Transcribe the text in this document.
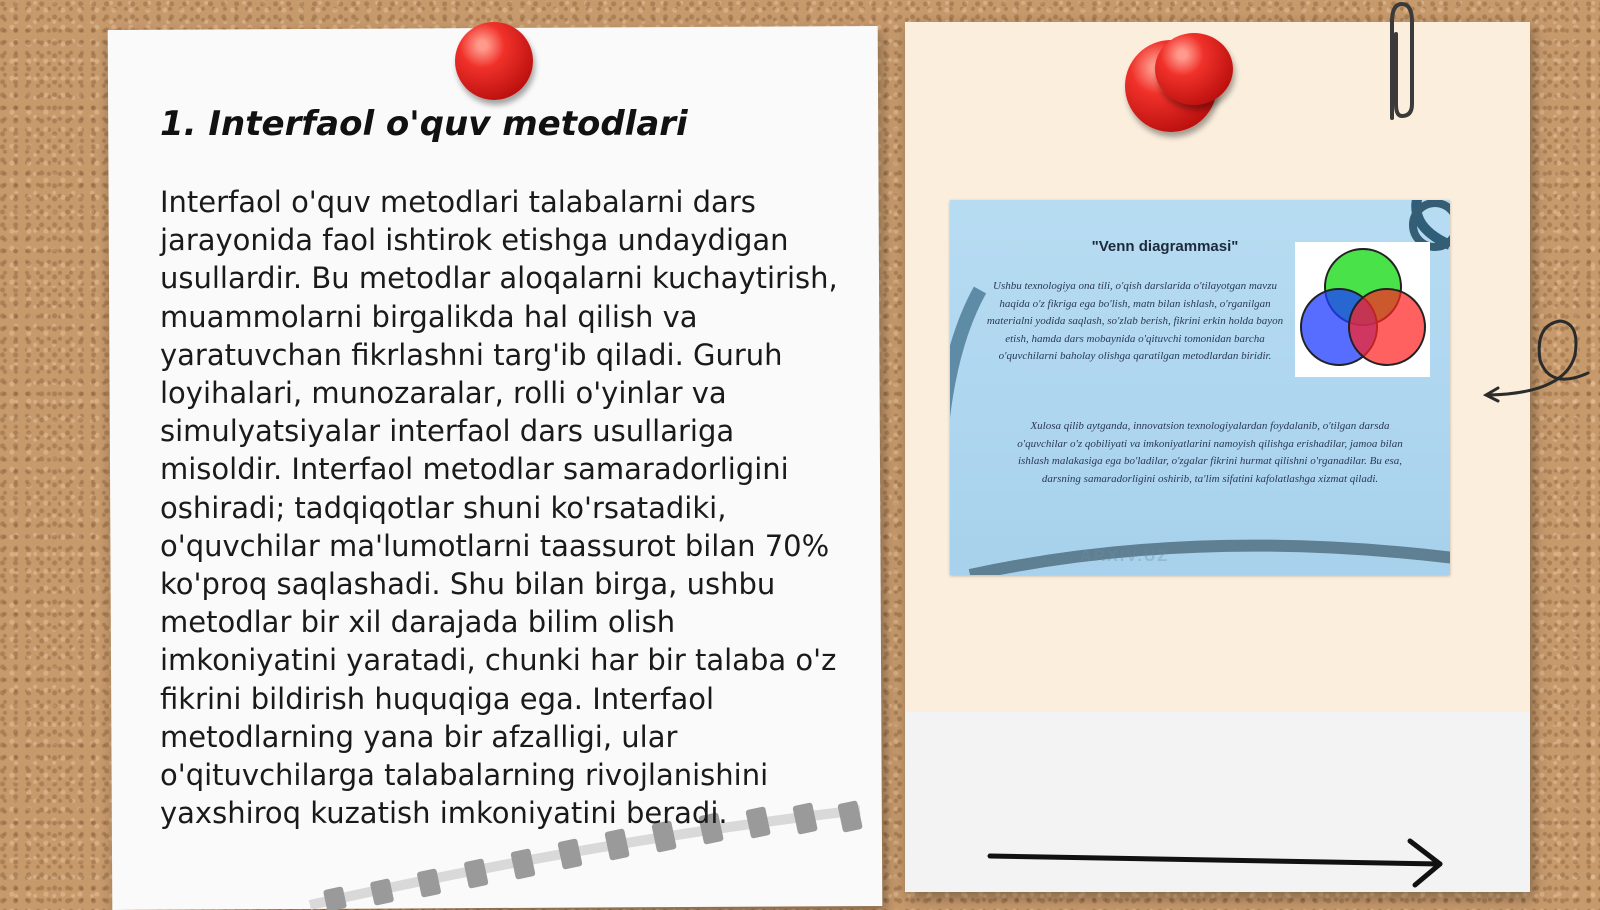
1. Interfaol o'quv metodlari

Interfaol o'quv metodlari talabalarni dars jarayonida faol ishtirok etishga undaydigan usullardir. Bu metodlar aloqalarni kuchaytirish, muammolarni birgalikda hal qilish va yaratuvchan fikrlashni targ'ib qiladi. Guruh loyihalari, munozaralar, rolli o'yinlar va simulyatsiyalar interfaol dars usullariga misoldir. Interfaol metodlar samaradorligini oshiradi; tadqiqotlar shuni ko'rsatadiki, o'quvchilar ma'lumotlarni taassurot bilan 70% ko'proq saqlashadi. Shu bilan birga, ushbu metodlar bir xil darajada bilim olish imkoniyatini yaratadi, chunki har bir talaba o'z fikrini bildirish huquqiga ega. Interfaol metodlarning yana bir afzalligi, ular o'qituvchilarga talabalarning rivojlanishini yaxshiroq kuzatish imkoniyatini beradi.

"Venn diagrammasi"

Ushbu texnologiya ona tili, o'qish darslarida o'tilayotgan mavzu haqida o'z fikriga ega bo'lish, matn bilan ishlash, o'rganilgan materialni yodida saqlash, so'zlab berish, fikrini erkin holda bayon etish, hamda dars mobaynida o'qituvchi tomonidan barcha o'quvchilarni baholay olishga qaratilgan metodlardan biridir.

Xulosa qilib aytganda, innovatsion texnologiyalardan foydalanib, o'tilgan darsda o'quvchilar o'z qobiliyati va imkoniyatlarini namoyish qilishga erishadilar, jamoa bilan ishlash malakasiga ega bo'ladilar, o'zgalar fikrini hurmat qilishni o'rganadilar. Bu esa, darsning samaradorligini oshirib, ta'lim sifatini kafolatlashga xizmat qiladi.

ARXIV.UZ
